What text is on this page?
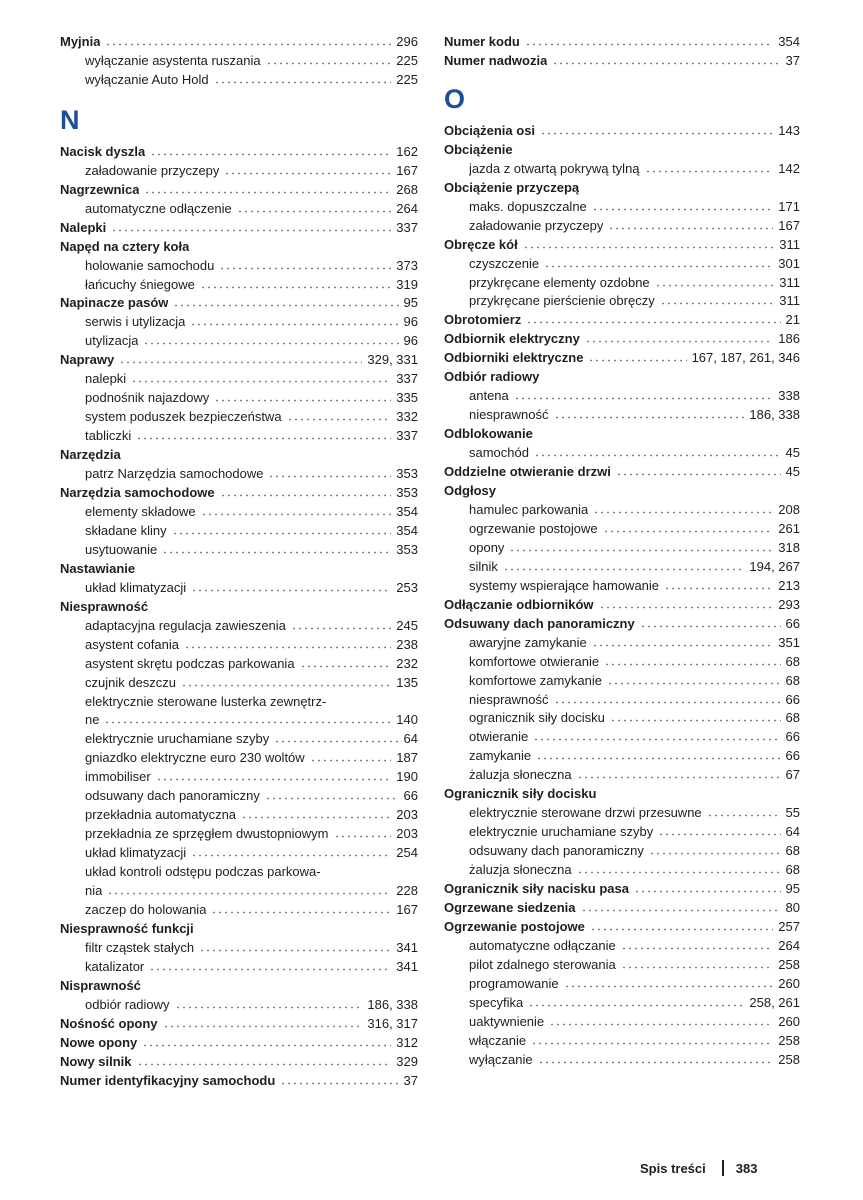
Myjnia	296
wyłączanie asystenta ruszania	225
wyłączanie Auto Hold	225
N
Nacisk dyszla	162
załadowanie przyczepy	167
Nagrzewnica	268
automatyczne odłączenie	264
Nalepki	337
Napęd na cztery koła
holowanie samochodu	373
łańcuchy śniegowe	319
Napinacze pasów	95
serwis i utylizacja	96
utylizacja	96
Naprawy	329, 331
nalepki	337
podnośnik najazdowy	335
system poduszek bezpieczeństwa	332
tabliczki	337
Narzędzia
patrz Narzędzia samochodowe	353
Narzędzia samochodowe	353
elementy składowe	354
składane kliny	354
usytuowanie	353
Nastawianie
układ klimatyzacji	253
Niesprawność
adaptacyjna regulacja zawieszenia	245
asystent cofania	238
asystent skrętu podczas parkowania	232
czujnik deszczu	135
elektrycznie sterowane lusterka zewnętrz-
ne	140
elektrycznie uruchamiane szyby	64
gniazdko elektryczne euro 230 woltów	187
immobiliser	190
odsuwany dach panoramiczny	66
przekładnia automatyczna	203
przekładnia ze sprzęgłem dwustopniowym	203
układ klimatyzacji	254
układ kontroli odstępu podczas parkowa-
nia	228
zaczep do holowania	167
Niesprawność funkcji
filtr cząstek stałych	341
katalizator	341
Nisprawność
odbiór radiowy	186, 338
Nośność opony	316, 317
Nowe opony	312
Nowy silnik	329
Numer identyfikacyjny samochodu	37
Numer kodu	354
Numer nadwozia	37
O
Obciążenia osi	143
Obciążenie
jazda z otwartą pokrywą tylną	142
Obciążenie przyczepą
maks. dopuszczalne	171
załadowanie przyczepy	167
Obręcze kół	311
czyszczenie	301
przykręcane elementy ozdobne	311
przykręcane pierścienie obręczy	311
Obrotomierz	21
Odbiornik elektryczny	186
Odbiorniki elektryczne	167, 187, 261, 346
Odbiór radiowy
antena	338
niesprawność	186, 338
Odblokowanie
samochód	45
Oddzielne otwieranie drzwi	45
Odgłosy
hamulec parkowania	208
ogrzewanie postojowe	261
opony	318
silnik	194, 267
systemy wspierające hamowanie	213
Odłączanie odbiorników	293
Odsuwany dach panoramiczny	66
awaryjne zamykanie	351
komfortowe otwieranie	68
komfortowe zamykanie	68
niesprawność	66
ogranicznik siły docisku	68
otwieranie	66
zamykanie	66
żaluzja słoneczna	67
Ogranicznik siły docisku
elektrycznie sterowane drzwi przesuwne	55
elektrycznie uruchamiane szyby	64
odsuwany dach panoramiczny	68
żaluzja słoneczna	68
Ogranicznik siły nacisku pasa	95
Ogrzewane siedzenia	80
Ogrzewanie postojowe	257
automatyczne odłączanie	264
pilot zdalnego sterowania	258
programowanie	260
specyfika	258, 261
uaktywnienie	260
włączanie	258
wyłączanie	258
Spis treści 383
